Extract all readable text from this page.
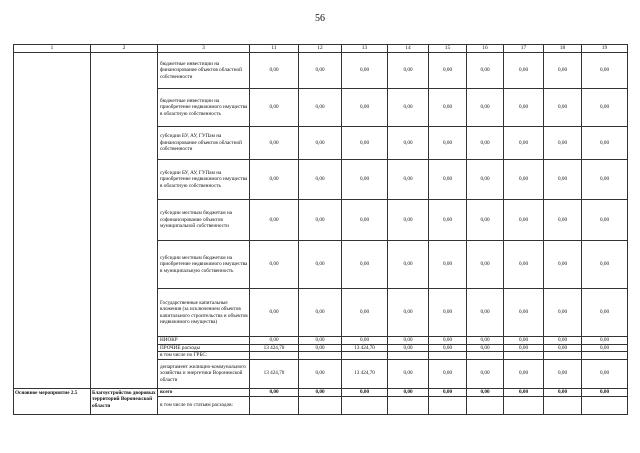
56
1	2	3	11	12	13	14	15	16	17	18	19
		бюджетные инвестиции на финансирование объектов областной собственности	0,00	0,00	0,00	0,00	0,00	0,00	0,00	0,00	0,00
		бюджетные инвестиции на приобретение недвижимого имущества в областную собственность	0,00	0,00	0,00	0,00	0,00	0,00	0,00	0,00	0,00
		субсидии БУ, АУ, ГУПам на финансирование объектов областной собственности	0,00	0,00	0,00	0,00	0,00	0,00	0,00	0,00	0,00
		субсидии БУ, АУ, ГУПам на приобретение недвижимого имущества в областную собственность	0,00	0,00	0,00	0,00	0,00	0,00	0,00	0,00	0,00
		субсидии местным бюджетам на софинансирование объектов муниципальной собственности	0,00	0,00	0,00	0,00	0,00	0,00	0,00	0,00	0,00
		субсидии местным бюджетам на приобретение недвижимого имущества в муниципальную собственность	0,00	0,00	0,00	0,00	0,00	0,00	0,00	0,00	0,00
		Государственные капитальные вложения (за исключением объектов капитального строительства и объектов недвижимого имущества)	0,00	0,00	0,00	0,00	0,00	0,00	0,00	0,00	0,00
		НИОКР	0,00	0,00	0,00	0,00	0,00	0,00	0,00	0,00	0,00
		ПРОЧИЕ расходы	13 424,70	0,00	13 424,70	0,00	0,00	0,00	0,00	0,00	0,00
		в том числе по ГРБС:									
		департамент жилищно-коммунального хозяйства и энергетики Воронежской области	13 424,70	0,00	13 424,70	0,00	0,00	0,00	0,00	0,00	0,00
Основное мероприятие 2.5	Благоустройство дворовых территорий Воронежской области	всего	0,00	0,00	0,00	0,00	0,00	0,00	0,00	0,00	0,00
		в том числе по статьям расходов:									
